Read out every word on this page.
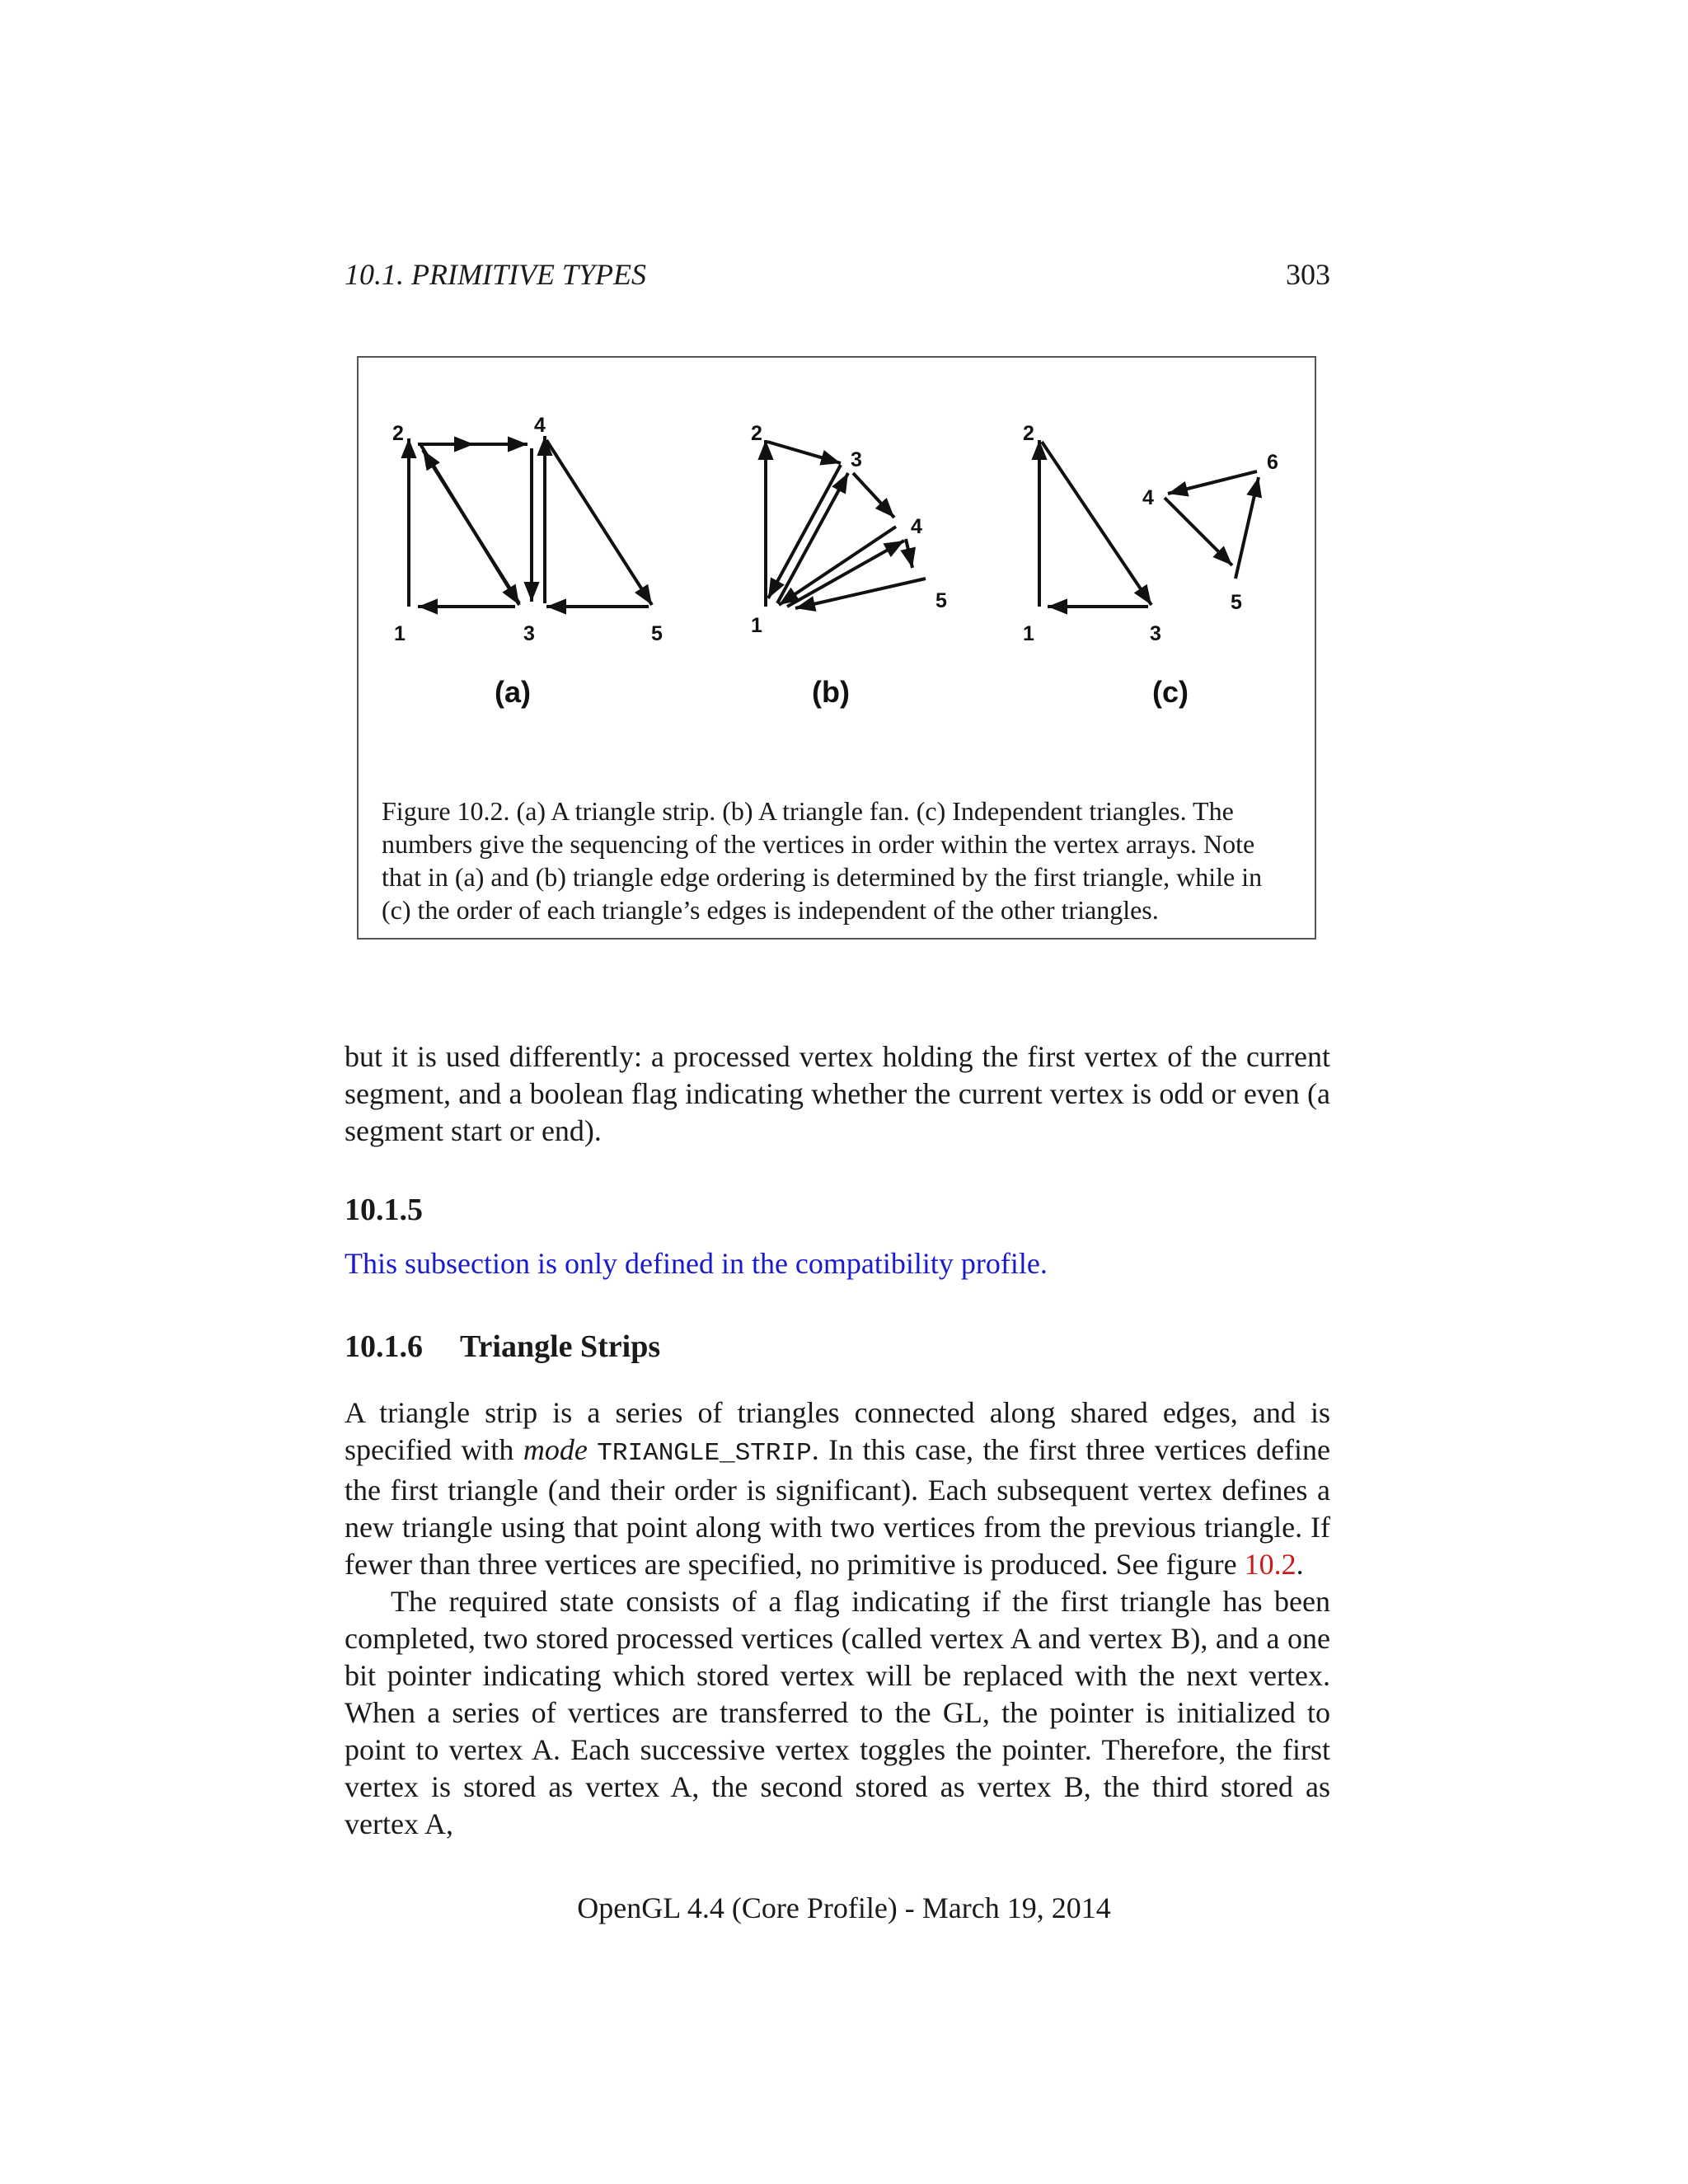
10.1. PRIMITIVE TYPES	303
1
2
3
4
5	1
2
3
4
5
1
2
3
4
5
6
(a)	(b)	(c)
Figure 10.2. (a) A triangle strip. (b) A triangle fan. (c) Independent triangles. The numbers give the sequencing of the vertices in order within the vertex arrays. Note that in (a) and (b) triangle edge ordering is determined by the first triangle, while in (c) the order of each triangle’s edges is independent of the other triangles.

but it is used differently: a processed vertex holding the first vertex of the current segment, and a boolean flag indicating whether the current vertex is odd or even (a segment start or end).

10.1.5
This subsection is only defined in the compatibility profile.
10.1.6 Triangle Strips

A triangle strip is a series of triangles connected along shared edges, and is specified with mode TRIANGLE_STRIP. In this case, the first three vertices define the first triangle (and their order is significant). Each subsequent vertex defines a new triangle using that point along with two vertices from the previous triangle. If fewer than three vertices are specified, no primitive is produced. See figure 10.2.

The required state consists of a flag indicating if the first triangle has been completed, two stored processed vertices (called vertex A and vertex B), and a one bit pointer indicating which stored vertex will be replaced with the next vertex. When a series of vertices are transferred to the GL, the pointer is initialized to point to vertex A. Each successive vertex toggles the pointer. Therefore, the first vertex is stored as vertex A, the second stored as vertex B, the third stored as vertex A,

OpenGL 4.4 (Core Profile) - March 19, 2014
